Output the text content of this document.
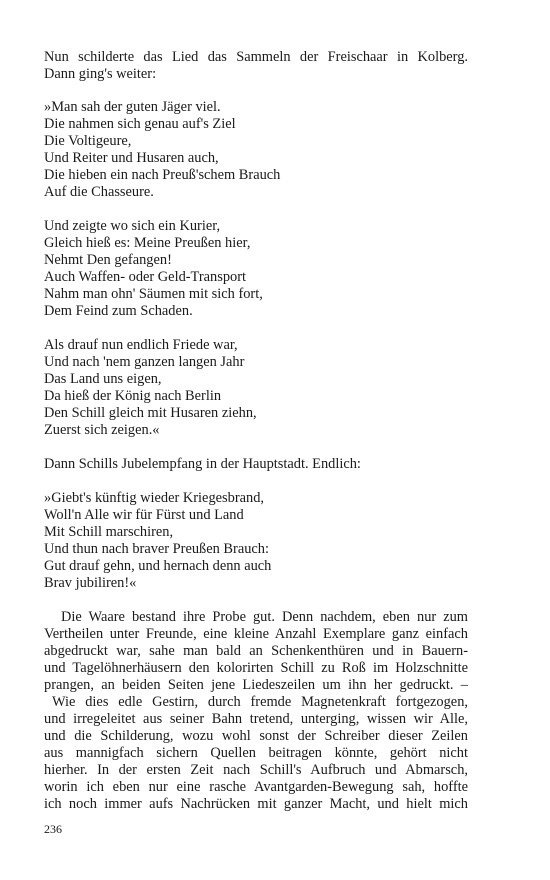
Nun schilderte das Lied das Sammeln der Freischaar in Kolberg.
Dann ging's weiter:
»Man sah der guten Jäger viel.
Die nahmen sich genau auf's Ziel
Die Voltigeure,
Und Reiter und Husaren auch,
Die hieben ein nach Preuß'schem Brauch
Auf die Chasseure.
Und zeigte wo sich ein Kurier,
Gleich hieß es: Meine Preußen hier,
Nehmt Den gefangen!
Auch Waffen- oder Geld-Transport
Nahm man ohn' Säumen mit sich fort,
Dem Feind zum Schaden.
Als drauf nun endlich Friede war,
Und nach 'nem ganzen langen Jahr
Das Land uns eigen,
Da hieß der König nach Berlin
Den Schill gleich mit Husaren ziehn,
Zuerst sich zeigen.«
Dann Schills Jubelempfang in der Hauptstadt. Endlich:
»Giebt's künftig wieder Kriegesbrand,
Woll'n Alle wir für Fürst und Land
Mit Schill marschiren,
Und thun nach braver Preußen Brauch:
Gut drauf gehn, und hernach denn auch
Brav jubiliren!«
Die Waare bestand ihre Probe gut. Denn nachdem, eben nur zum
Vertheilen unter Freunde, eine kleine Anzahl Exemplare ganz einfach
abgedruckt war, sahe man bald an Schenkenthüren und in Bauern-
und Tagelöhnerhäusern den kolorirten Schill zu Roß im Holzschnitte
prangen, an beiden Seiten jene Liedeszeilen um ihn her gedruckt. –
Wie dies edle Gestirn, durch fremde Magnetenkraft fortgezogen,
und irregeleitet aus seiner Bahn tretend, unterging, wissen wir Alle,
und die Schilderung, wozu wohl sonst der Schreiber dieser Zeilen
aus mannigfach sichern Quellen beitragen könnte, gehört nicht
hierher. In der ersten Zeit nach Schill's Aufbruch und Abmarsch,
worin ich eben nur eine rasche Avantgarden-Bewegung sah, hoffte
ich noch immer aufs Nachrücken mit ganzer Macht, und hielt mich
236
